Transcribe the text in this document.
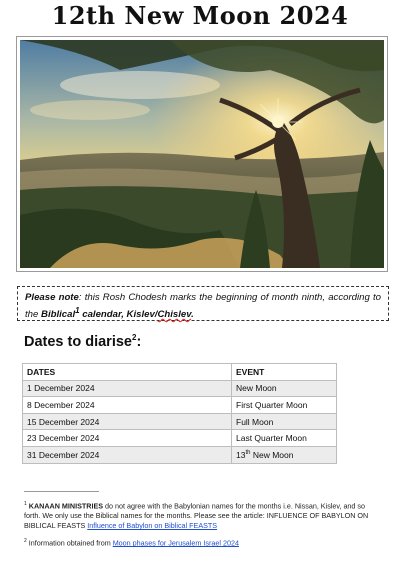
12th New Moon 2024
Please note: this Rosh Chodesh marks the beginning of month ninth, according to the Biblical$^1$ calendar, Kislev/Chislev.
Dates to diarise$^2$:
DATES	EVENT
1 December 2024	New Moon
8 December 2024	First Quarter Moon
15 December 2024	Full Moon
23 December 2024	Last Quarter Moon
31 December 2024	13th New Moon
$^1$ KANAAN MINISTRIES do not agree with the Babylonian names for the months i.e. Nissan, Kislev, and so forth. We only use the Biblical names for the months. Please see the article: INFLUENCE OF BABYLON ON BIBLICAL FEASTS Influence of Babylon on Biblical FEASTS
$^2$ Information obtained from Moon phases for Jerusalem Israel 2024
